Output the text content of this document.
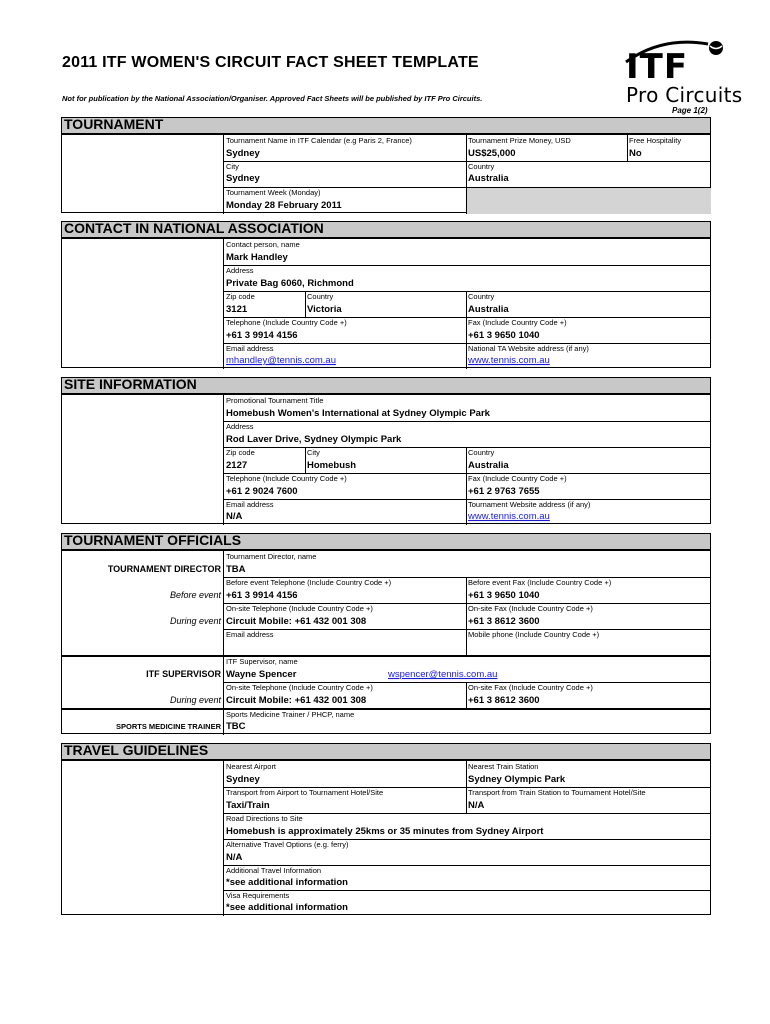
2011 ITF WOMEN'S CIRCUIT FACT SHEET TEMPLATE
Not for publication by the National Association/Organiser. Approved Fact Sheets will be published by ITF Pro Circuits.
Page 1(2)
ITF
Pro Circuits
TOURNAMENT
Tournament Name in ITF Calendar (e.g Paris 2, France)
Sydney
Tournament Prize Money, USD
US$25,000
Free Hospitality
No
City
Sydney
Country
Australia
Tournament Week (Monday)
Monday 28 February 2011
CONTACT IN NATIONAL ASSOCIATION
Contact person, name
Mark Handley
Address
Private Bag 6060, Richmond
Zip code
3121
Country
Victoria
Country
Australia
Telephone (Include Country Code +)
+61 3 9914 4156
Fax (Include Country Code +)
+61 3 9650 1040
Email address
mhandley@tennis.com.au
National TA Website address (if any)
www.tennis.com.au
SITE INFORMATION
Promotional Tournament Title
Homebush Women's International at Sydney Olympic Park
Address
Rod Laver Drive, Sydney Olympic Park
Zip code
2127
City
Homebush
Country
Australia
Telephone (Include Country Code +)
+61 2 9024 7600
Fax (Include Country Code +)
+61 2 9763 7655
Email address
N/A
Tournament Website address (if any)
www.tennis.com.au
TOURNAMENT OFFICIALS
TOURNAMENT DIRECTOR
Tournament Director, name
TBA
Before event
Before event Telephone (Include Country Code +)
+61 3 9914 4156
Before event Fax (Include Country Code +)
+61 3 9650 1040
During event
On-site Telephone (Include Country Code +)
Circuit Mobile: +61 432 001 308
On-site Fax (Include Country Code +)
+61 3 8612 3600
Email address	Mobile phone (Include Country Code +)
ITF SUPERVISOR
ITF Supervisor, name
Wayne Spencer	wspencer@tennis.com.au
During event
On-site Telephone (Include Country Code +)
Circuit Mobile: +61 432 001 308
On-site Fax (Include Country Code +)
+61 3 8612 3600
SPORTS MEDICINE TRAINER
Sports Medicine Trainer / PHCP, name
TBC
TRAVEL GUIDELINES
Nearest Airport
Sydney
Nearest Train Station
Sydney Olympic Park
Transport from Airport to Tournament Hotel/Site
Taxi/Train
Transport from Train Station to Tournament Hotel/Site
N/A
Road Directions to Site
Homebush is approximately 25kms or 35 minutes from Sydney Airport
Alternative Travel Options (e.g. ferry)
N/A
Additional Travel Information
*see additional information
Visa Requirements
*see additional information
